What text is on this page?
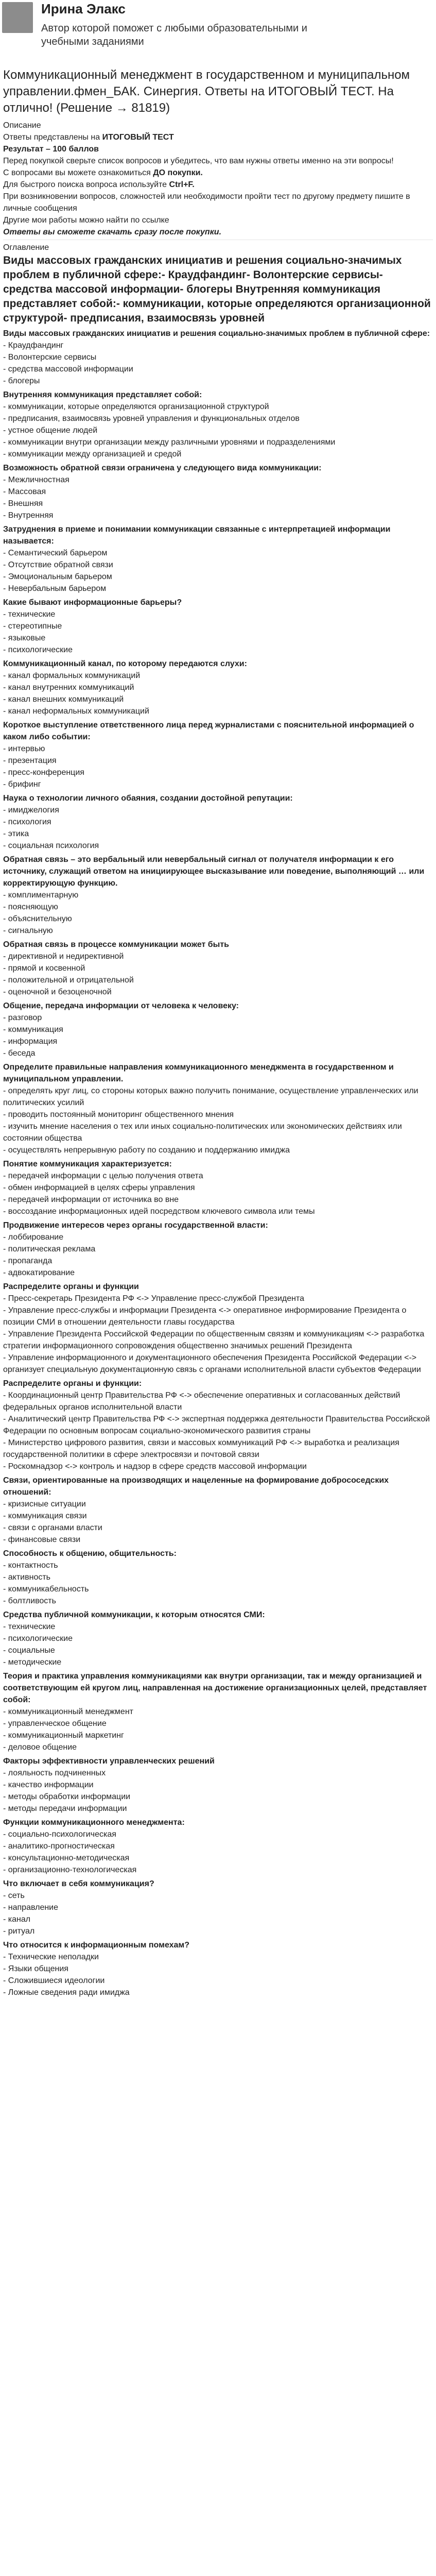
Ирина Элакс
Автор которой поможет с любыми образовательными и учебными заданиями
Коммуникационный менеджмент в государственном и муниципальном управлении.фмен_БАК. Синергия. Ответы на ИТОГОВЫЙ ТЕСТ. На отлично! (Решение → 81819)

Описание

Ответы представлены на ИТОГОВЫЙ ТЕСТ

Результат – 100 баллов

Перед покупкой сверьте список вопросов и убедитесь, что вам нужны ответы именно на эти вопросы!

С вопросами вы можете ознакомиться ДО покупки.

Для быстрого поиска вопроса используйте Ctrl+F.

При возникновении вопросов, сложностей или необходимости пройти тест по другому предмету пишите в личные сообщения

Другие мои работы можно найти по ссылке

Ответы вы сможете скачать сразу после покупки.

Оглавление

Виды массовых гражданских инициатив и решения социально-значимых проблем в публичной сфере:- Краудфандинг- Волонтерские сервисы- средства массовой информации- блогеры Внутренняя коммуникация представляет собой:- коммуникации, которые определяются организационной структурой- предписания, взаимосвязь уровней

Виды массовых гражданских инициатив и решения социально-значимых проблем в публичной сфере:

- Краудфандинг

- Волонтерские сервисы

- средства массовой информации

- блогеры

Внутренняя коммуникация представляет собой:

- коммуникации, которые определяются организационной структурой

- предписания, взаимосвязь уровней управления и функциональных отделов

- устное общение людей

- коммуникации внутри организации между различными уровнями и подразделениями

- коммуникации между организацией и средой

Возможность обратной связи ограничена у следующего вида коммуникации:

- Межличностная

- Массовая

- Внешняя

- Внутренняя

Затруднения в приеме и понимании коммуникации связанные с интерпретацией информации называется:

- Семантический барьером

- Отсутствие обратной связи

- Эмоциональным барьером

- Невербальным барьером

Какие бывают информационные барьеры?

- технические

- стереотипные

- языковые

- психологические

Коммуникационный канал, по которому передаются слухи:

- канал формальных коммуникаций

- канал внутренних коммуникаций

- канал внешних коммуникаций

- канал неформальных коммуникаций

Короткое выступление ответственного лица перед журналистами с пояснительной информацией о каком либо событии:

- интервью

- презентация

- пресс-конференция

- брифинг

Наука о технологии личного обаяния, создании достойной репутации:

- имиджелогия

- психология

- этика

- социальная психология

Обратная связь – это вербальный или невербальный сигнал от получателя информации к его источнику, служащий ответом на инициирующее высказывание или поведение, выполняющий … или корректирующую функцию.

- комплиментарную

- поясняющую

- объяснительную

- сигнальную

Обратная связь в процессе коммуникации может быть

- директивной и недирективной

- прямой и косвенной

- положительной и отрицательной

- оценочной и безоценочной

Общение, передача информации от человека к человеку:

- разговор

- коммуникация

- информация

- беседа

Определите правильные направления коммуникационного менеджмента в государственном и муниципальном управлении.

- определять круг лиц, со стороны которых важно получить понимание, осуществление управленческих или политических усилий

- проводить постоянный мониторинг общественного мнения

- изучить мнение населения о тех или иных социально-политических или экономических действиях или состоянии общества

- осуществлять непрерывную работу по созданию и поддержанию имиджа

Понятие коммуникация характеризуется:

- передачей информации с целью получения ответа

- обмен информацией в целях сферы управления

- передачей информации от источника во вне

- воссоздание информационных идей посредством ключевого символа или темы

Продвижение интересов через органы государственной власти:

- лоббирование

- политическая реклама

- пропаганда

- адвокатирование

Распределите органы и функции

- Пресс-секретарь Президента РФ <-> Управление пресс-службой Президента

- Управление пресс-службы и информации Президента <-> оперативное информирование Президента о позиции СМИ в отношении деятельности главы государства

- Управление Президента Российской Федерации по общественным связям и коммуникациям <-> разработка стратегии информационного сопровождения общественно значимых решений Президента

- Управление информационного и документационного обеспечения Президента Российской Федерации <-> организует специальную документационную связь с органами исполнительной власти субъектов Федерации

Распределите органы и функции:

- Координационный центр Правительства РФ <-> обеспечение оперативных и согласованных действий федеральных органов исполнительной власти

- Аналитический центр Правительства РФ <-> экспертная поддержка деятельности Правительства Российской Федерации по основным вопросам социально-экономического развития страны

- Министерство цифрового развития, связи и массовых коммуникаций РФ <-> выработка и реализация государственной политики в сфере электросвязи и почтовой связи

- Роскомнадзор <-> контроль и надзор в сфере средств массовой информации

Связи, ориентированные на производящих и нацеленные на формирование добрососедских отношений:

- кризисные ситуации

- коммуникация связи

- связи с органами власти

- финансовые связи

Способность к общению, общительность:

- контактность

- активность

- коммуникабельность

- болтливость

Средства публичной коммуникации, к которым относятся СМИ:

- технические

- психологические

- социальные

- методические

Теория и практика управления коммуникациями как внутри организации, так и между организацией и соответствующим ей кругом лиц, направленная на достижение организационных целей, представляет собой:

- коммуникационный менеджмент

- управленческое общение

- коммуникационный маркетинг

- деловое общение

Факторы эффективности управленческих решений

- лояльность подчиненных

- качество информации

- методы обработки информации

- методы передачи информации

Функции коммуникационного менеджмента:

- социально-психологическая

- аналитико-прогностическая

- консультационно-методическая

- организационно-технологическая

Что включает в себя коммуникация?

- сеть

- направление

- канал

- ритуал

Что относится к информационным помехам?

- Технические неполадки

- Языки общения

- Сложившиеся идеологии

- Ложные сведения ради имиджа
